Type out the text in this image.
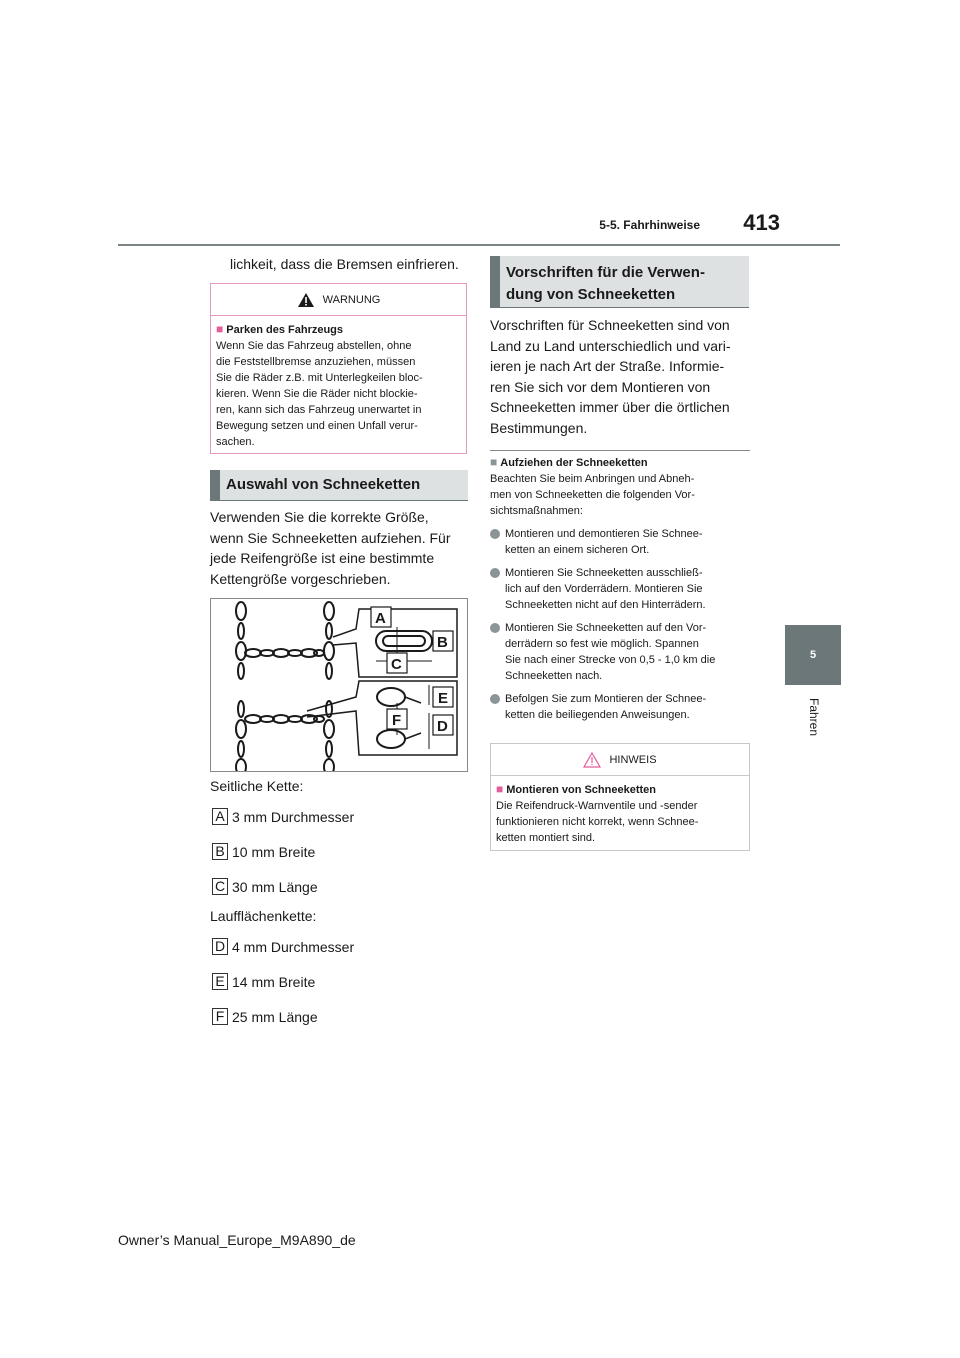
5-5. Fahrhinweise	413
5
Fahren
lichkeit, dass die Bremsen einfrieren.
WARNUNG
■ Parken des Fahrzeugs
Wenn Sie das Fahrzeug abstellen, ohne
die Feststellbremse anzuziehen, müssen
Sie die Räder z.B. mit Unterlegkeilen bloc-
kieren. Wenn Sie die Räder nicht blockie-
ren, kann sich das Fahrzeug unerwartet in
Bewegung setzen und einen Unfall verur-
sachen.
Auswahl von Schneeketten
Verwenden Sie die korrekte Größe,
wenn Sie Schneeketten aufziehen. Für
jede Reifengröße ist eine bestimmte
Kettengröße vorgeschrieben.
A
B
C
E
F D
Seitliche Kette:
A 3 mm Durchmesser
B 10 mm Breite
C 30 mm Länge
Laufflächenkette:
D 4 mm Durchmesser
E 14 mm Breite
F 25 mm Länge
Vorschriften für die Verwen-
dung von Schneeketten
Vorschriften für Schneeketten sind von
Land zu Land unterschiedlich und vari-
ieren je nach Art der Straße. Informie-
ren Sie sich vor dem Montieren von
Schneeketten immer über die örtlichen
Bestimmungen.
■ Aufziehen der Schneeketten
Beachten Sie beim Anbringen und Abneh-
men von Schneeketten die folgenden Vor-
sichtsmaßnahmen:
Montieren und demontieren Sie Schnee-
ketten an einem sicheren Ort.
Montieren Sie Schneeketten ausschließ-
lich auf den Vorderrädern. Montieren Sie
Schneeketten nicht auf den Hinterrädern.
Montieren Sie Schneeketten auf den Vor-
derrädern so fest wie möglich. Spannen
Sie nach einer Strecke von 0,5 - 1,0 km die
Schneeketten nach.
Befolgen Sie zum Montieren der Schnee-
ketten die beiliegenden Anweisungen.
HINWEIS
■ Montieren von Schneeketten
Die Reifendruck-Warnventile und -sender
funktionieren nicht korrekt, wenn Schnee-
ketten montiert sind.
Owner’s Manual_Europe_M9A890_de
